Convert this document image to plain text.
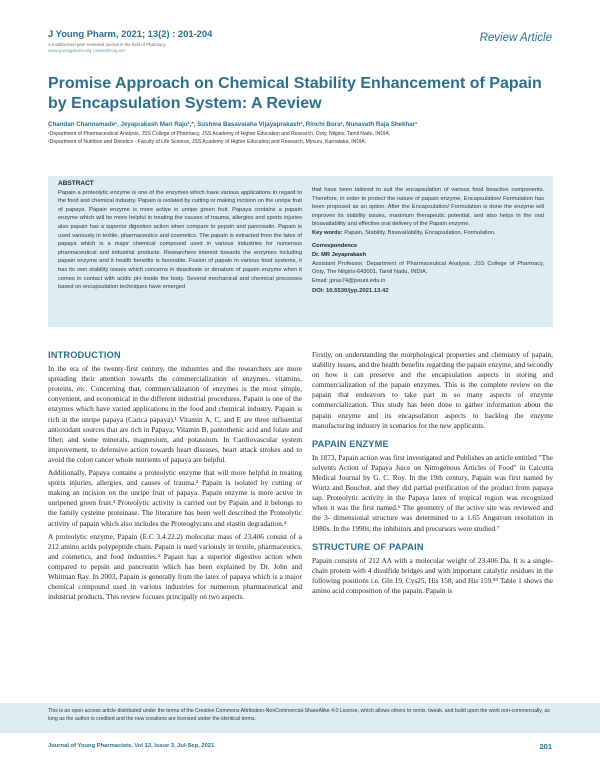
J Young Pharm, 2021; 13(2) : 201-204
A multifaceted peer reviewed journal in the field of Pharmacy
www.jyoungpharm.org | www.phcog.net
Review Article
Promise Approach on Chemical Stability Enhancement of Papain by Encapsulation System: A Review
Chandan Channamade¹, Jeyaprakash Mari Raju¹,*, Sushma Basavaiaha Vijayaprakash², Rinchi Bora¹, Nunavath Raja Shekhar¹
¹Department of Pharmaceutical Analysis, JSS College of Pharmacy, JSS Academy of Higher Education and Research, Ooty, Nilgiris, Tamil Nadu, INDIA.
²Department of Nutrition and Dietetics - Faculty of Life Science, JSS Academy of Higher Education and Research, Mysuru, Karnataka, INDIA.
ABSTRACT
Papain a proteolytic enzyme is one of the enzymes which have various applications in regard to the food and chemical industry. Papain is isolated by cutting or making incision on the unripe fruit of papaya. Papain enzyme is more active in unripe green fruit. Papaya contains a papain enzyme which will be more helpful in treating the causes of trauma, allergies and sports injuries also papain has a superior digestion action when compare to pepsin and pancreatin. Papain is used variously in textile, pharmaceutics and cosmetics. The papain is extracted from the latex of papaya which is a major chemical compound used in various industries for numerous pharmaceutical and industrial products. Researchers interest towards the enzymes including papain enzyme and it health benefits is favorable. Fusion of papain in various food systems, it has its own stability issues which concerns in deactivate or denature of papain enzyme when it comes in contact with acidic pH inside the body. Several mechanical and chemical processes based on encapsulation techniques have emerged
that have been tailored to suit the encapsulation of various food bioactive components. Therefore, in order to protect the nature of papain enzyme, Encapsulation/ Formulation has been proposed as an option. After the Encapsulation/ Formulation is done the enzyme will improves its stability issues, maximum therapeutic potential, and also helps in the oral bioavailability and effective oral delivery of the Papain enzyme.
Key words: Papain, Stability, Bioavailability, Encapsulation, Formulation.
Correspondence
Dr. MR Jeyaprakash
Assistant Professor, Department of Pharmaceutical Analysis, JSS College of Pharmacy, Ooty, The Nilgiris-643001, Tamil Nadu, INDIA.
Email: jpras74@jssuni.edu.in
DOI: 10.5530/jyp.2021.13.42
INTRODUCTION

In the era of the twenty-first century, the industries and the researchers are more spreading their attention towards the commercialization of enzymes, vitamins, proteins, etc. Concerning that, commercialization of enzymes is the most simple, convenient, and economical in the different industrial procedures. Papain is one of the enzymes which have varied applications in the food and chemical industry. Papain is rich in the unripe papaya (Carica papaya).¹ Vitamin A, C, and E are three influential antioxidant sources that are rich in Papaya; Vitamin B, pantothenic acid and folate and fiber; and some minerals, magnesium, and potassium. In Cardiovascular system improvement, to defensive action towards heart diseases, heart attack strokes and to avoid the colon cancer whole nutrients of papaya are helpful.

Additionally, Papaya contains a proteolytic enzyme that will more helpful in treating sports injuries, allergies, and causes of trauma.² Papain is isolated by cutting or making an incision on the unripe fruit of papaya. Papain enzyme is more active in unripened green fruit.³ Proteolytic activity is carried out by Papain and it belongs to the family cysteine proteinase. The literature has been well described the Proteolytic activity of papain which also includes the Proteoglycans and elastin degradation.⁴

A proteolytic enzyme, Papain (E.C 3.4.22.2) molecular mass of 23,406 consist of a 212 amino acids polypeptide chain. Papain is used variously in textile, pharmaceutics, and cosmetics, and food industries.⁵ Papain has a superior digestive action when compared to pepsin and pancreatin which has been explained by Dr. John and Whitman Ray. In 2003, Papain is generally from the latex of papaya which is a major chemical compound used in various industries for numerous pharmaceutical and industrial products. This review focuses principally on two aspects.

Firstly, on understanding the morphological properties and chemistry of papain, stability issues, and the health benefits regarding the papain enzyme, and secondly on how it can preserve and the encapsulation aspects in storing and commercialization of the papain enzymes. This is the complete review on the papain that endeavors to take part in so many aspects of enzyme commercialization. This study has been done to gather information about the papain enzyme and its encapsulation aspects to backlog the enzyme manufacturing industry in scenarios for the new applicants.

PAPAIN ENZYME

In 1873, Papain action was first investigated and Publishes an article entitled "The solvents Action of Papaya Juice on Nitrogenous Articles of Food" in Calcutta Medical Journal by G. C. Roy. In the 19th century, Papain was first named by Wurtz and Bouchut, and they did partial purification of the product from papaya sap. Proteolytic activity in the Papaya latex of tropical region was recognized when it was the first named.⁶ The geometry of the active site was reviewed and the 3- dimensional structure was determined to a 1.65 Angstrom resolution in 1980s. In the 1990s, the inhibitors and precursors were studied.⁷

STRUCTURE OF PAPAIN

Papain consists of 212 AA with a molecular weight of 23,406 Da. It is a single-chain protein with 4 disulfide bridges and with important catalytic residues in the following positions i.e. Gln 19, Cys25, His 158, and His 159.⁸⁹ Table 1 shows the amino acid composition of the papain. Papain is

This is an open access article distributed under the terms of the Creative Commons Attribution-NonCommercial-ShareAlike 4.0 License, which allows others to remix, tweak, and build upon the work non-commercially, as long as the author is credited and the new creations are licensed under the identical terms.
Journal of Young Pharmacists, Vol 13, Issue 3, Jul-Sep, 2021	201
